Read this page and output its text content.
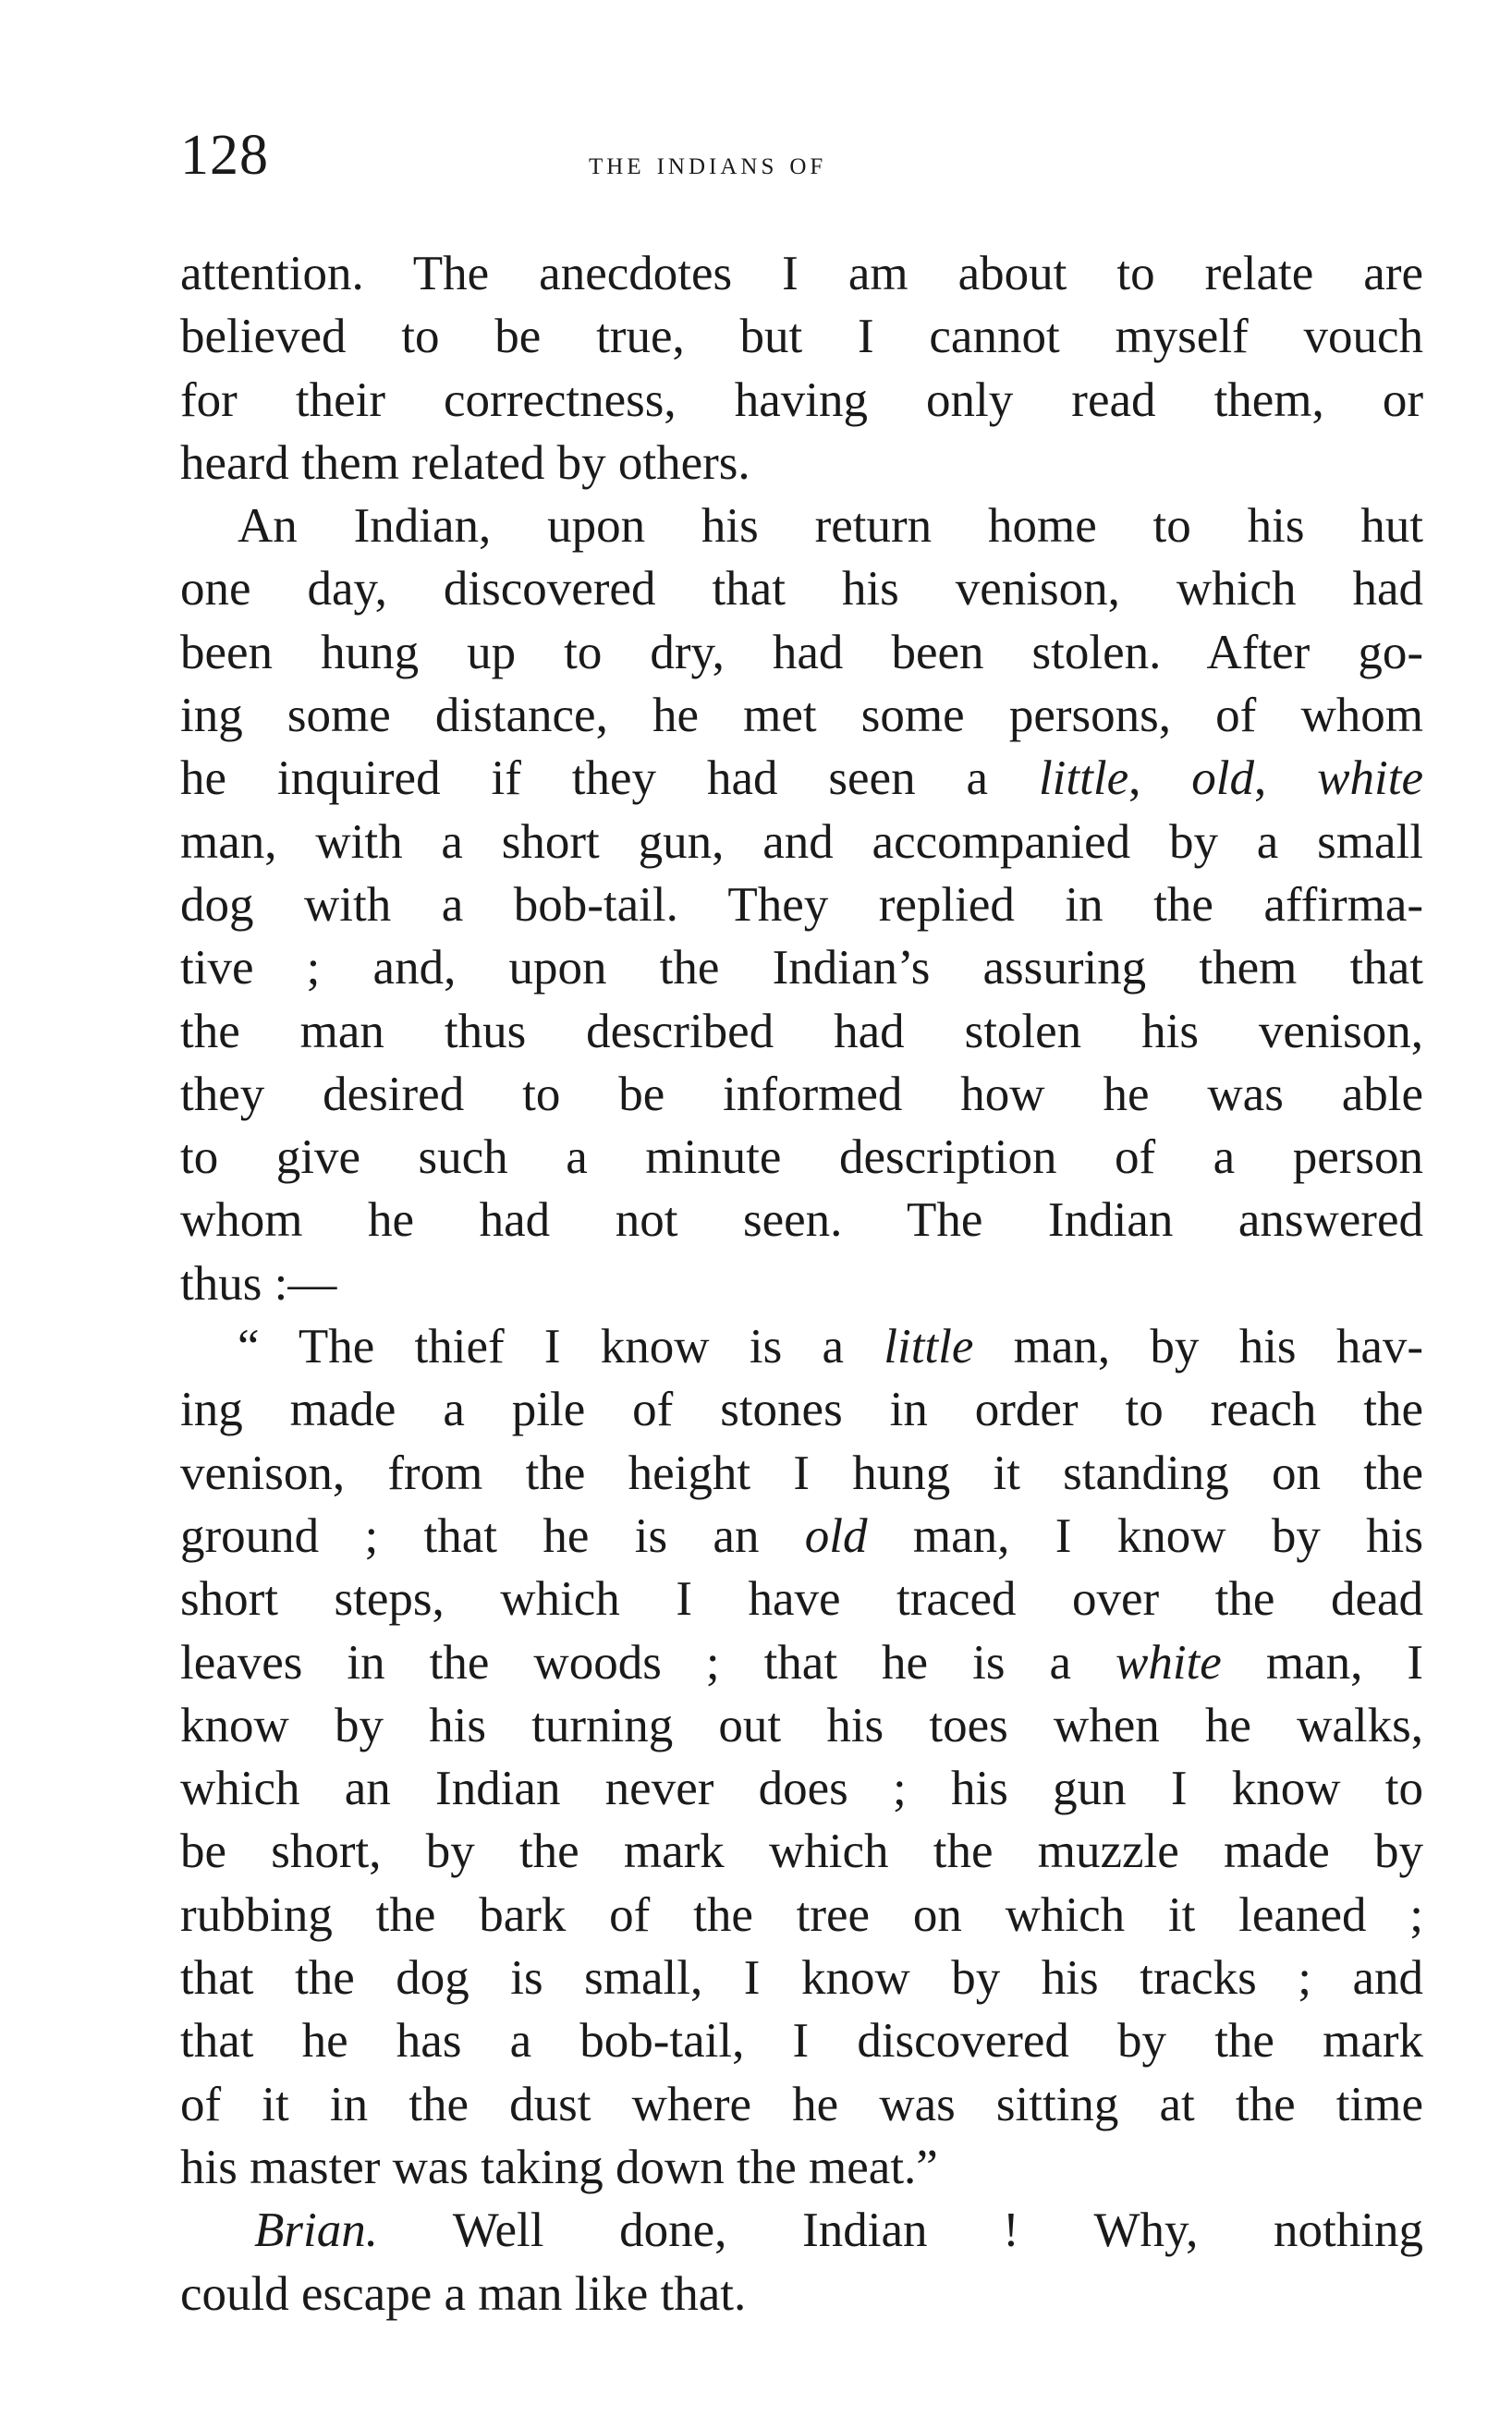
128	the indians of
attention. The anecdotes I am about to relate are
believed to be true, but I cannot myself vouch
for their correctness, having only read them, or
heard them related by others.
An Indian, upon his return home to his hut
one day, discovered that his venison, which had
been hung up to dry, had been stolen. After go-
ing some distance, he met some persons, of whom
he inquired if they had seen a little, old, white
man, with a short gun, and accompanied by a small
dog with a bob-tail. They replied in the affirma-
tive ; and, upon the Indian’s assuring them that
the man thus described had stolen his venison,
they desired to be informed how he was able
to give such a minute description of a person
whom he had not seen. The Indian answered
thus :—
“ The thief I know is a little man, by his hav-
ing made a pile of stones in order to reach the
venison, from the height I hung it standing on the
ground ; that he is an old man, I know by his
short steps, which I have traced over the dead
leaves in the woods ; that he is a white man, I
know by his turning out his toes when he walks,
which an Indian never does ; his gun I know to
be short, by the mark which the muzzle made by
rubbing the bark of the tree on which it leaned ;
that the dog is small, I know by his tracks ; and
that he has a bob-tail, I discovered by the mark
of it in the dust where he was sitting at the time
his master was taking down the meat.”
Brian. Well done, Indian ! Why, nothing
could escape a man like that.
